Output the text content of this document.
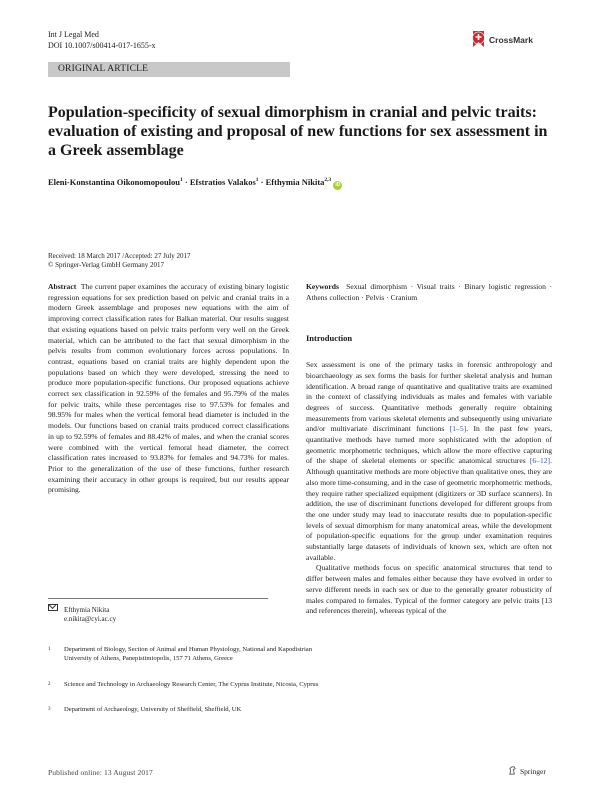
Int J Legal Med
DOI 10.1007/s00414-017-1655-x
CrossMark
ORIGINAL ARTICLE
Population-specificity of sexual dimorphism in cranial and pelvic traits: evaluation of existing and proposal of new functions for sex assessment in a Greek assemblage
Eleni-Konstantina Oikonomopoulou$^1$ · Efstratios Valakos$^1$ · Efthymia Nikita$^{2,3}$ iD
Received: 18 March 2017 /Accepted: 27 July 2017
© Springer-Verlag GmbH Germany 2017

Abstract The current paper examines the accuracy of existing binary logistic regression equations for sex prediction based on pelvic and cranial traits in a modern Greek assemblage and proposes new equations with the aim of improving correct classification rates for Balkan material. Our results suggest that existing equations based on pelvic traits perform very well on the Greek material, which can be attributed to the fact that sexual dimorphism in the pelvis results from common evolutionary forces across populations. In contrast, equations based on cranial traits are highly dependent upon the populations based on which they were developed, stressing the need to produce more population-specific functions. Our proposed equations achieve correct sex classification in 92.59% of the females and 95.79% of the males for pelvic traits, while these percentages rise to 97.53% for females and 98.95% for males when the vertical femoral head diameter is included in the models. Our functions based on cranial traits produced correct classifications in up to 92.59% of females and 88.42% of males, and when the cranial scores were combined with the vertical femoral head diameter, the correct classification rates increased to 93.83% for females and 94.73% for males. Prior to the generalization of the use of these functions, further research examining their accuracy in other groups is required, but our results appear promising.

Efthymia Nikita
e.nikita@cyi.ac.cy
1 Department of Biology, Section of Animal and Human Physiology, National and Kapodistrian University of Athens, Panepistimiopolis, 157 71 Athens, Greece
2 Science and Technology in Archaeology Research Center, The Cyprus Institute, Nicosia, Cyprus
3 Department of Archaeology, University of Sheffield, Sheffield, UK

Keywords Sexual dimorphism · Visual traits · Binary logistic regression · Athens collection · Pelvis · Cranium

Introduction

Sex assessment is one of the primary tasks in forensic anthropology and bioarchaeology as sex forms the basis for further skeletal analysis and human identification. A broad range of quantitative and qualitative traits are examined in the context of classifying individuals as males and females with variable degrees of success. Quantitative methods generally require obtaining measurements from various skeletal elements and subsequently using univariate and/or multivariate discriminant functions [1–5]. In the past few years, quantitative methods have turned more sophisticated with the adoption of geometric morphometric techniques, which allow the more effective capturing of the shape of skeletal elements or specific anatomical structures [6–12]. Although quantitative methods are more objective than qualitative ones, they are also more time-consuming, and in the case of geometric morphometric methods, they require rather specialized equipment (digitizers or 3D surface scanners). In addition, the use of discriminant functions developed for different groups from the one under study may lead to inaccurate results due to population-specific levels of sexual dimorphism for many anatomical areas, while the development of population-specific equations for the group under examination requires substantially large datasets of individuals of known sex, which are often not available.

Qualitative methods focus on specific anatomical structures that tend to differ between males and females either because they have evolved in order to serve different needs in each sex or due to the generally greater robusticity of males compared to females. Typical of the former category are pelvic traits [13 and references therein], whereas typical of the

Published online: 13 August 2017	Springer
